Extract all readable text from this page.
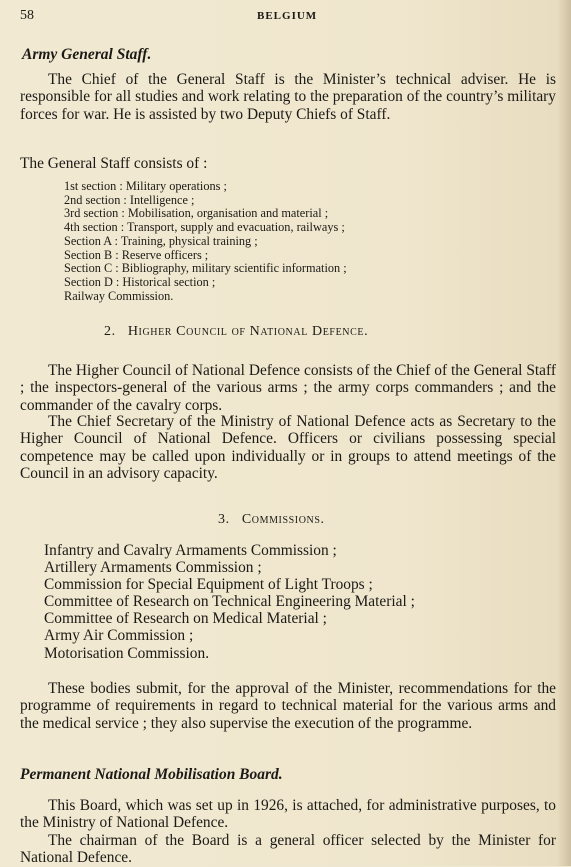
58	BELGIUM
Army General Staff.
The Chief of the General Staff is the Minister’s technical adviser. He is responsible for all studies and work relating to the preparation of the country’s military forces for war. He is assisted by two Deputy Chiefs of Staff.
The General Staff consists of :
1st section : Military operations ;
2nd section : Intelligence ;
3rd section : Mobilisation, organisation and material ;
4th section : Transport, supply and evacuation, railways ;
Section A : Training, physical training ;
Section B : Reserve officers ;
Section C : Bibliography, military scientific information ;
Section D : Historical section ;
Railway Commission.
2. Higher Council of National Defence.
The Higher Council of National Defence consists of the Chief of the General Staff ; the inspectors-general of the various arms ; the army corps commanders ; and the commander of the cavalry corps.
The Chief Secretary of the Ministry of National Defence acts as Secretary to the Higher Council of National Defence. Officers or civilians possessing special competence may be called upon individually or in groups to attend meetings of the Council in an advisory capacity.
3. Commissions.
Infantry and Cavalry Armaments Commission ;
Artillery Armaments Commission ;
Commission for Special Equipment of Light Troops ;
Committee of Research on Technical Engineering Material ;
Committee of Research on Medical Material ;
Army Air Commission ;
Motorisation Commission.
These bodies submit, for the approval of the Minister, recommendations for the programme of requirements in regard to technical material for the various arms and the medical service ; they also supervise the execution of the programme.
Permanent National Mobilisation Board.
This Board, which was set up in 1926, is attached, for administrative purposes, to the Ministry of National Defence.
The chairman of the Board is a general officer selected by the Minister for National Defence.
